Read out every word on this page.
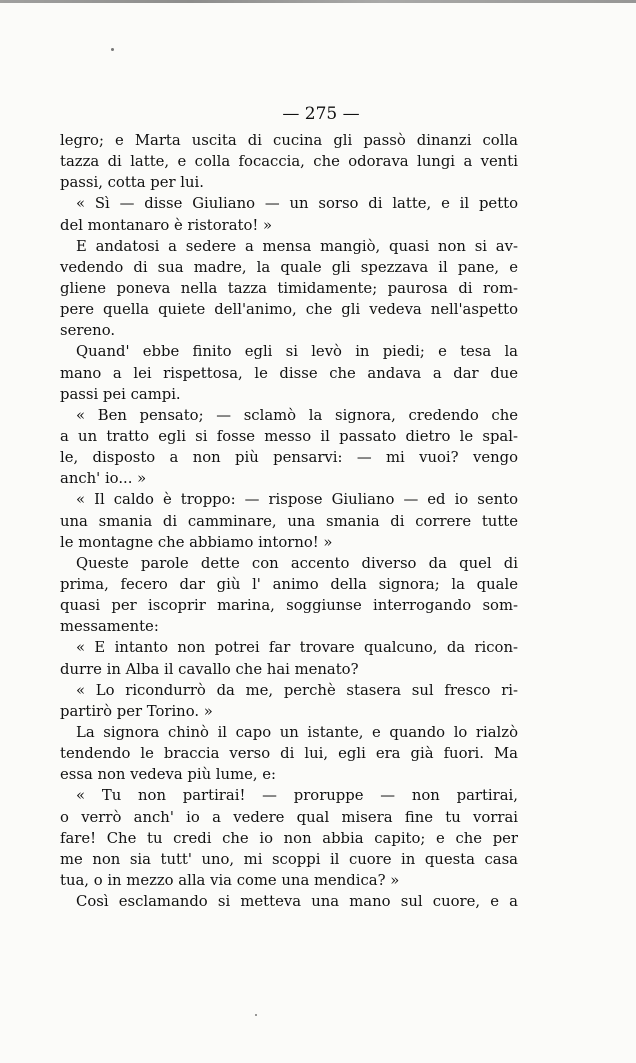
— 275 —
legro; e Marta uscita di cucina gli passò dinanzi colla
tazza di latte, e colla focaccia, che odorava lungi a venti
passi, cotta per lui.
« Sì — disse Giuliano — un sorso di latte, e il petto
del montanaro è ristorato! »
E andatosi a sedere a mensa mangiò, quasi non si av-
vedendo di sua madre, la quale gli spezzava il pane, e
gliene poneva nella tazza timidamente; paurosa di rom-
pere quella quiete dell'animo, che gli vedeva nell'aspetto
sereno.
Quand' ebbe finito egli si levò in piedi; e tesa la
mano a lei rispettosa, le disse che andava a dar due
passi pei campi.
« Ben pensato; — sclamò la signora, credendo che
a un tratto egli si fosse messo il passato dietro le spal-
le, disposto a non più pensarvi: — mi vuoi? vengo
anch' io... »
« Il caldo è troppo: — rispose Giuliano — ed io sento
una smania di camminare, una smania di correre tutte
le montagne che abbiamo intorno! »
Queste parole dette con accento diverso da quel di
prima, fecero dar giù l' animo della signora; la quale
quasi per iscoprir marina, soggiunse interrogando som-
messamente:
« E intanto non potrei far trovare qualcuno, da ricon-
durre in Alba il cavallo che hai menato?
« Lo ricondurrò da me, perchè stasera sul fresco ri-
partirò per Torino. »
La signora chinò il capo un istante, e quando lo rialzò
tendendo le braccia verso di lui, egli era già fuori. Ma
essa non vedeva più lume, e:
« Tu non partirai! — proruppe — non partirai,
o verrò anch' io a vedere qual misera fine tu vorrai
fare! Che tu credi che io non abbia capito; e che per
me non sia tutt' uno, mi scoppi il cuore in questa casa
tua, o in mezzo alla via come una mendica? »
Così esclamando si metteva una mano sul cuore, e a
